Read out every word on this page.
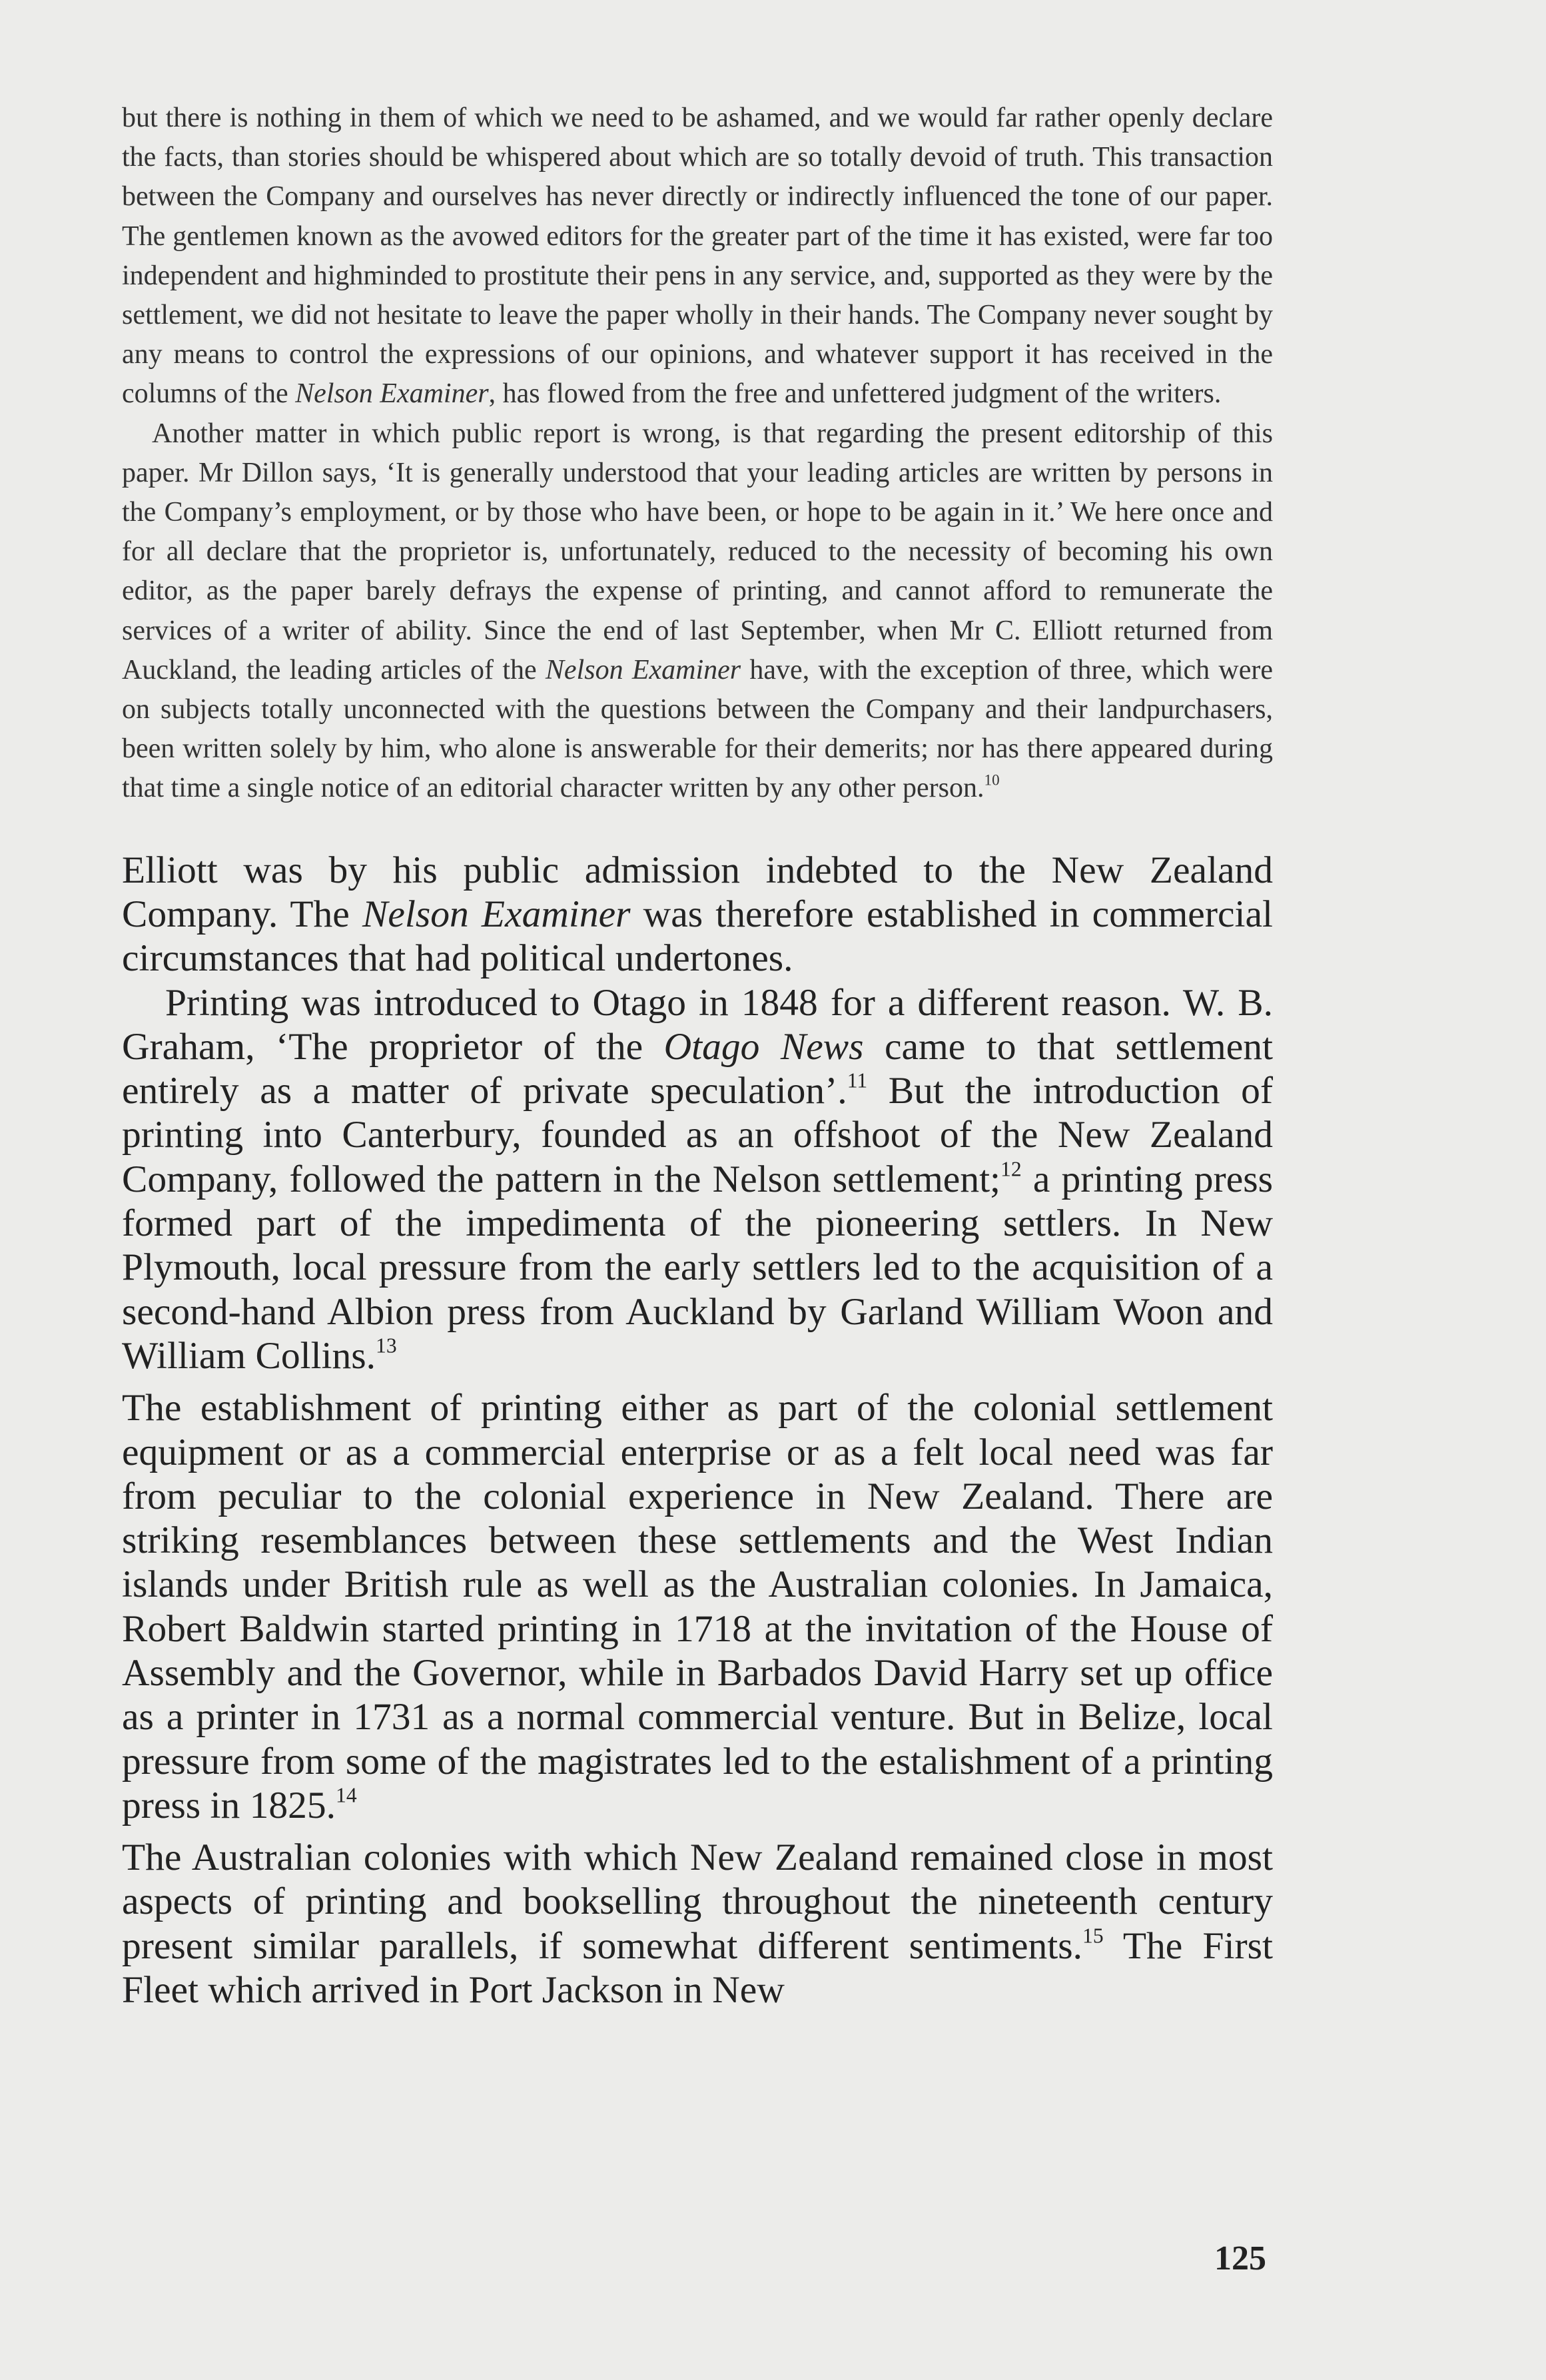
but there is nothing in them of which we need to be ashamed, and we would far rather openly declare the facts, than stories should be whispered about which are so totally devoid of truth. This transaction between the Company and ourselves has never directly or indirectly influenced the tone of our paper. The gentlemen known as the avowed editors for the greater part of the time it has existed, were far too independent and highminded to prostitute their pens in any service, and, supported as they were by the settlement, we did not hesitate to leave the paper wholly in their hands. The Company never sought by any means to control the expressions of our opinions, and whatever support it has received in the columns of the Nelson Examiner, has flowed from the free and unfettered judgment of the writers.

Another matter in which public report is wrong, is that regarding the present editorship of this paper. Mr Dillon says, ‘It is generally understood that your leading articles are written by persons in the Company’s employment, or by those who have been, or hope to be again in it.’ We here once and for all declare that the proprietor is, unfortunately, reduced to the necessity of becoming his own editor, as the paper barely defrays the expense of printing, and cannot afford to remunerate the services of a writer of ability. Since the end of last September, when Mr C. Elliott returned from Auckland, the leading articles of the Nelson Examiner have, with the exception of three, which were on subjects totally unconnected with the questions between the Company and their landpurchasers, been written solely by him, who alone is answerable for their demerits; nor has there appeared during that time a single notice of an editorial character written by any other person.$^{10}$

Elliott was by his public admission indebted to the New Zealand Company. The Nelson Examiner was therefore established in commercial circumstances that had political undertones.

Printing was introduced to Otago in 1848 for a different reason. W. B. Graham, ‘The proprietor of the Otago News came to that settlement entirely as a matter of private speculation’.$^{11}$ But the introduction of printing into Canterbury, founded as an offshoot of the New Zealand Company, followed the pattern in the Nelson settlement;$^{12}$ a printing press formed part of the impedimenta of the pioneering settlers. In New Plymouth, local pressure from the early settlers led to the acquisition of a second-hand Albion press from Auckland by Garland William Woon and William Collins.$^{13}$

The establishment of printing either as part of the colonial settlement equipment or as a commercial enterprise or as a felt local need was far from peculiar to the colonial experience in New Zealand. There are striking resemblances between these settlements and the West Indian islands under British rule as well as the Australian colonies. In Jamaica, Robert Baldwin started printing in 1718 at the invitation of the House of Assembly and the Governor, while in Barbados David Harry set up office as a printer in 1731 as a normal commercial venture. But in Belize, local pressure from some of the magistrates led to the estalishment of a printing press in 1825.14

The Australian colonies with which New Zealand remained close in most aspects of printing and bookselling throughout the nineteenth century present similar parallels, if somewhat different sentiments.$^{15}$ The First Fleet which arrived in Port Jackson in New

125
